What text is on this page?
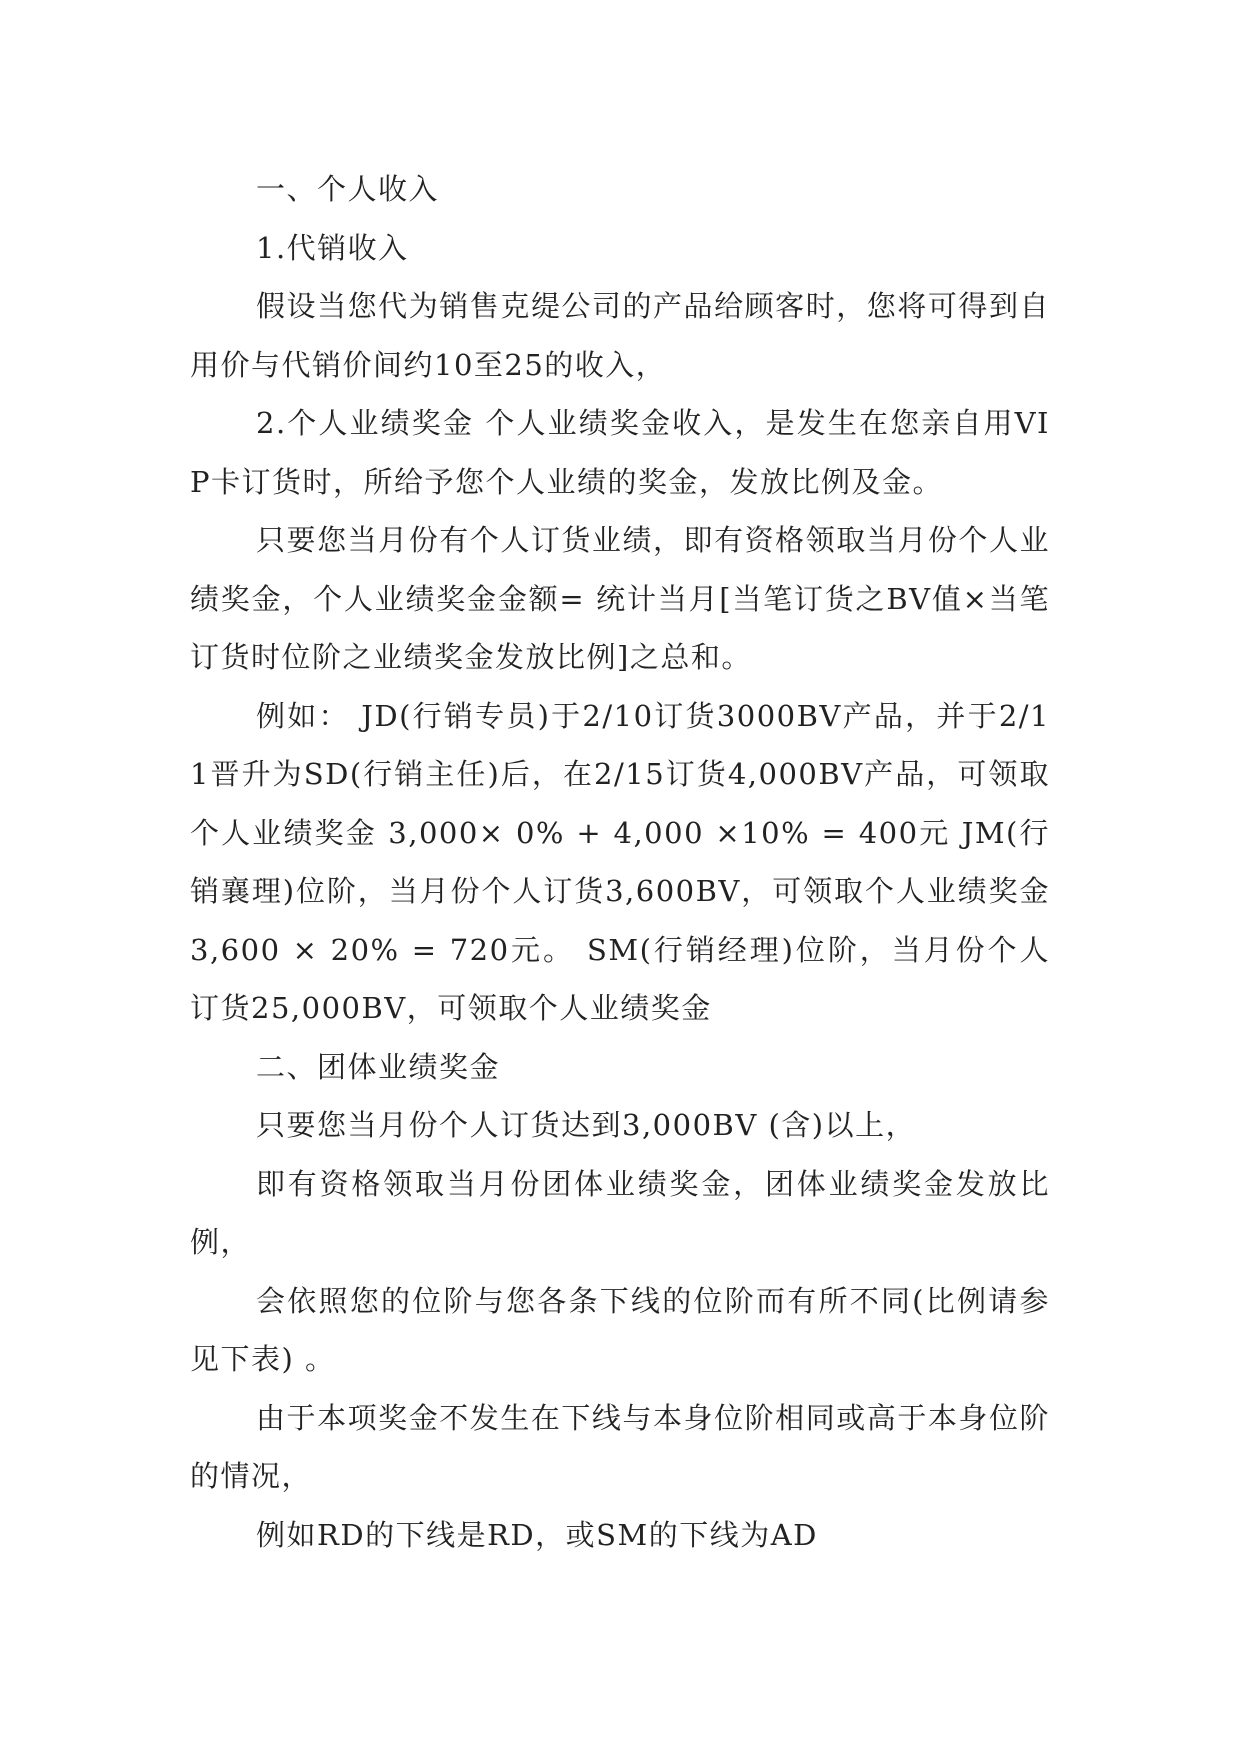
一、个人收入

1.代销收入

假设当您代为销售克缇公司的产品给顾客时，您将可得到自用价与代销价间约10至25的收入，

2.个人业绩奖金 个人业绩奖金收入，是发生在您亲自用VIP卡订货时，所给予您个人业绩的奖金，发放比例及金。

只要您当月份有个人订货业绩，即有资格领取当月份个人业绩奖金，个人业绩奖金金额= 统计当月[当笔订货之BV值×当笔订货时位阶之业绩奖金发放比例]之总和。

例如： JD(行销专员)于2/10订货3000BV产品，并于2/11晋升为SD(行销主任)后，在2/15订货4,000BV产品，可领取个人业绩奖金 3,000× 0% + 4,000 ×10% = 400元 JM(行销襄理)位阶，当月份个人订货3,600BV，可领取个人业绩奖金3,600 × 20% = 720元。 SM(行销经理)位阶，当月份个人订货25,000BV，可领取个人业绩奖金

二、团体业绩奖金

只要您当月份个人订货达到3,000BV (含)以上，

即有资格领取当月份团体业绩奖金，团体业绩奖金发放比例，

会依照您的位阶与您各条下线的位阶而有所不同(比例请参见下表) 。

由于本项奖金不发生在下线与本身位阶相同或高于本身位阶的情况，

例如RD的下线是RD，或SM的下线为AD
